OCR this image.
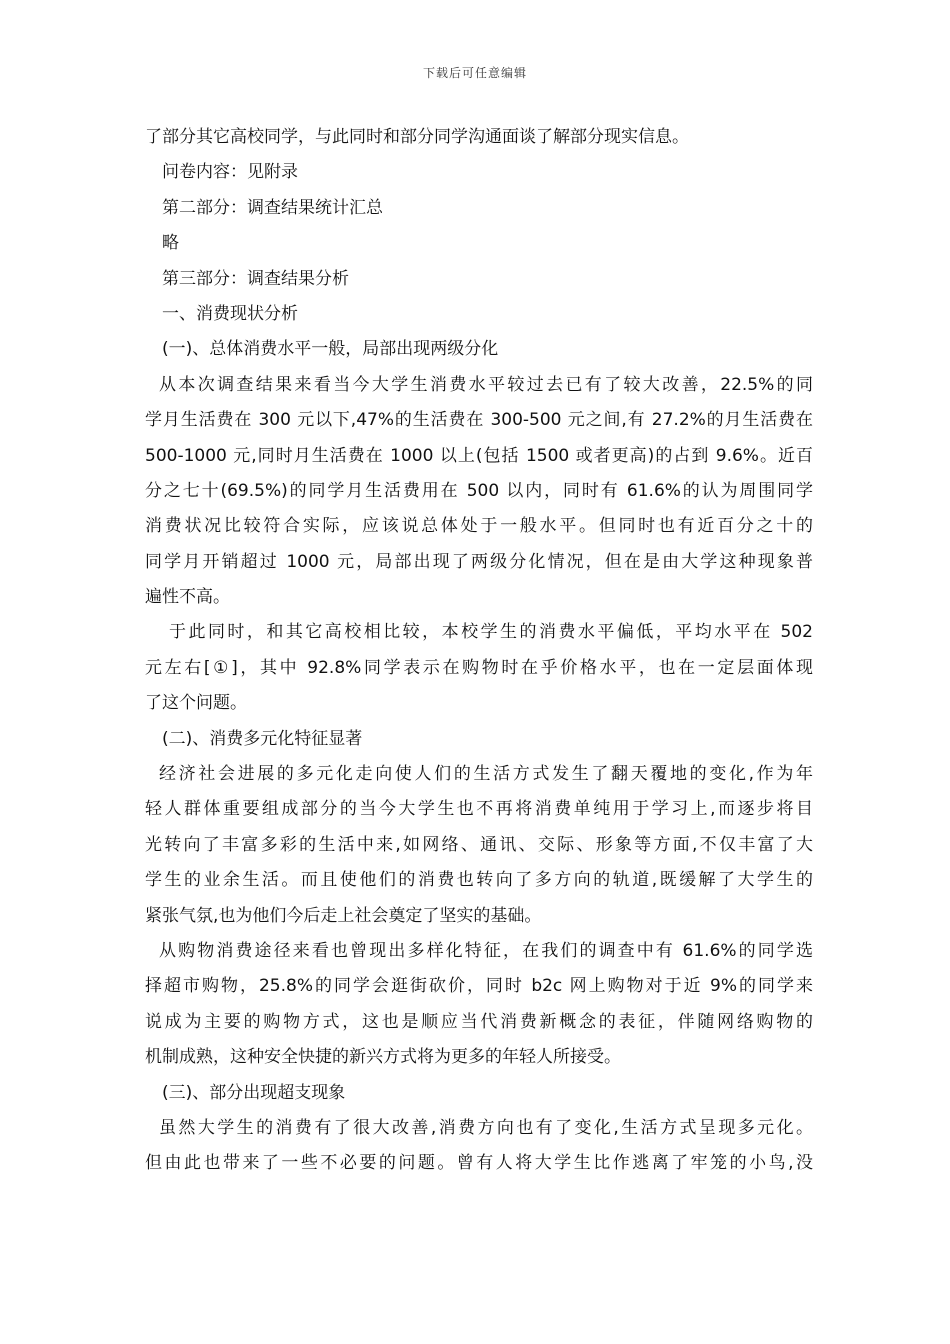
下载后可任意编辑
了部分其它高校同学，与此同时和部分同学沟通面谈了解部分现实信息。
问卷内容：见附录
第二部分：调查结果统计汇总
略
第三部分：调查结果分析
一、消费现状分析
(一)、总体消费水平一般，局部出现两级分化
从本次调查结果来看当今大学生消费水平较过去已有了较大改善，22.5%的同
学月生活费在 300 元以下,47%的生活费在 300-500 元之间,有 27.2%的月生活费在
500-1000 元,同时月生活费在 1000 以上(包括 1500 或者更高)的占到 9.6%。近百
分之七十(69.5%)的同学月生活费用在 500 以内，同时有 61.6%的认为周围同学
消费状况比较符合实际，应该说总体处于一般水平。但同时也有近百分之十的
同学月开销超过 1000 元，局部出现了两级分化情况，但在是由大学这种现象普
遍性不高。
于此同时，和其它高校相比较，本校学生的消费水平偏低，平均水平在 502
元左右[①]，其中 92.8%同学表示在购物时在乎价格水平，也在一定层面体现
了这个问题。
(二)、消费多元化特征显著
经济社会进展的多元化走向使人们的生活方式发生了翻天覆地的变化,作为年
轻人群体重要组成部分的当今大学生也不再将消费单纯用于学习上,而逐步将目
光转向了丰富多彩的生活中来,如网络、通讯、交际、形象等方面,不仅丰富了大
学生的业余生活。而且使他们的消费也转向了多方向的轨道,既缓解了大学生的
紧张气氛,也为他们今后走上社会奠定了坚实的基础。
从购物消费途径来看也曾现出多样化特征，在我们的调查中有 61.6%的同学选
择超市购物，25.8%的同学会逛街砍价，同时 b2c 网上购物对于近 9%的同学来
说成为主要的购物方式，这也是顺应当代消费新概念的表征，伴随网络购物的
机制成熟，这种安全快捷的新兴方式将为更多的年轻人所接受。
(三)、部分出现超支现象
虽然大学生的消费有了很大改善,消费方向也有了变化,生活方式呈现多元化。
但由此也带来了一些不必要的问题。曾有人将大学生比作逃离了牢笼的小鸟,没
